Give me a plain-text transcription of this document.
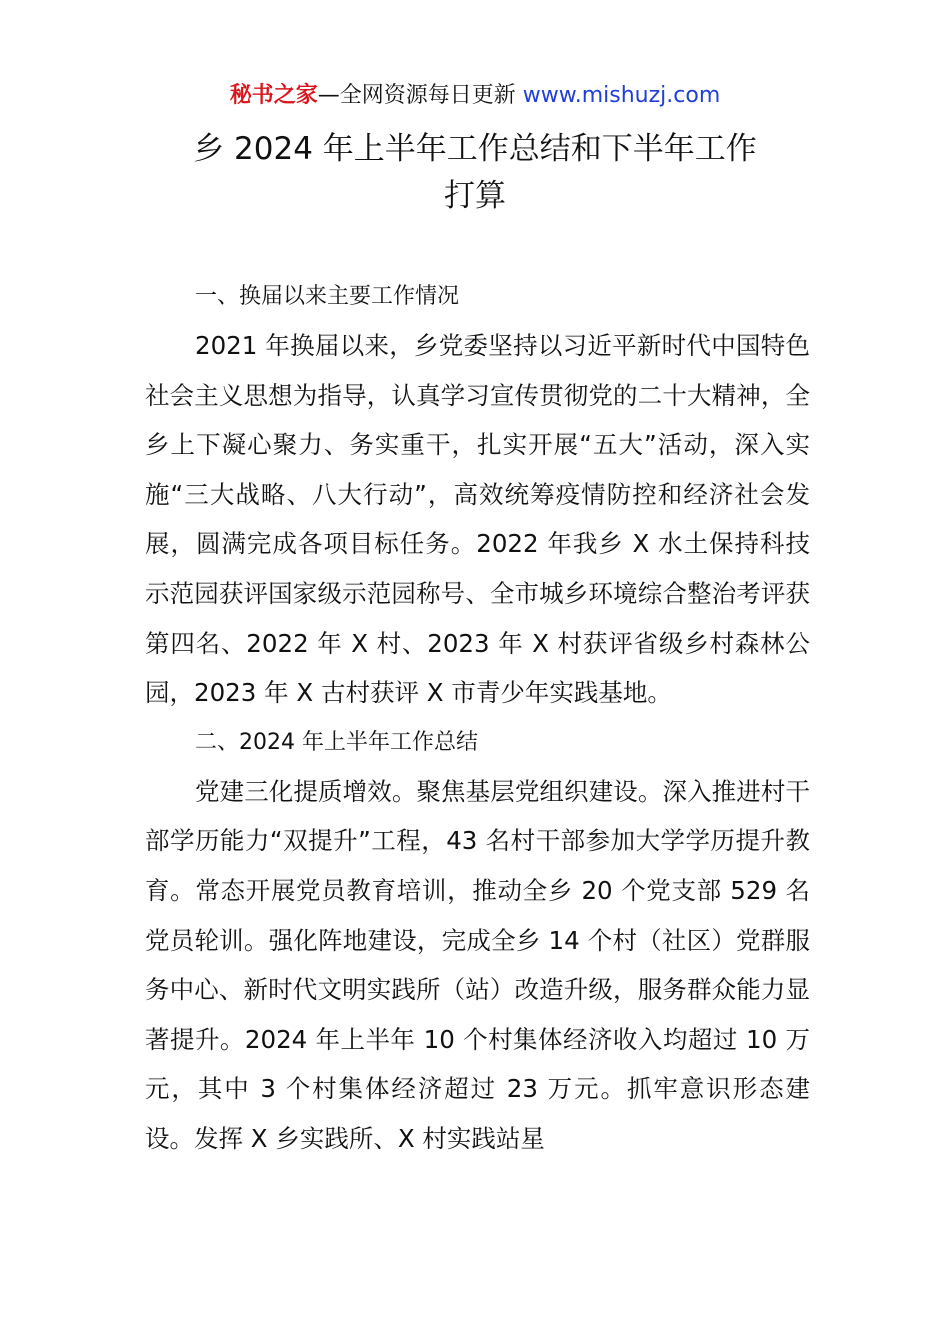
秘书之家—全网资源每日更新 www.mishuzj.com
乡 2024 年上半年工作总结和下半年工作
打算

一、换届以来主要工作情况

2021 年换届以来，乡党委坚持以习近平新时代中国特色社会主义思想为指导，认真学习宣传贯彻党的二十大精神，全乡上下凝心聚力、务实重干，扎实开展“五大”活动，深入实施“三大战略、八大行动”，高效统筹疫情防控和经济社会发展，圆满完成各项目标任务。2022 年我乡 X 水土保持科技示范园获评国家级示范园称号、全市城乡环境综合整治考评获第四名、2022 年 X 村、2023 年 X 村获评省级乡村森林公园，2023 年 X 古村获评 X 市青少年实践基地。

二、2024 年上半年工作总结

党建三化提质增效。聚焦基层党组织建设。深入推进村干部学历能力“双提升”工程，43 名村干部参加大学学历提升教育。常态开展党员教育培训，推动全乡 20 个党支部 529 名党员轮训。强化阵地建设，完成全乡 14 个村（社区）党群服务中心、新时代文明实践所（站）改造升级，服务群众能力显著提升。2024 年上半年 10 个村集体经济收入均超过 10 万元，其中 3 个村集体经济超过 23 万元。抓牢意识形态建设。发挥 X 乡实践所、X 村实践站星
